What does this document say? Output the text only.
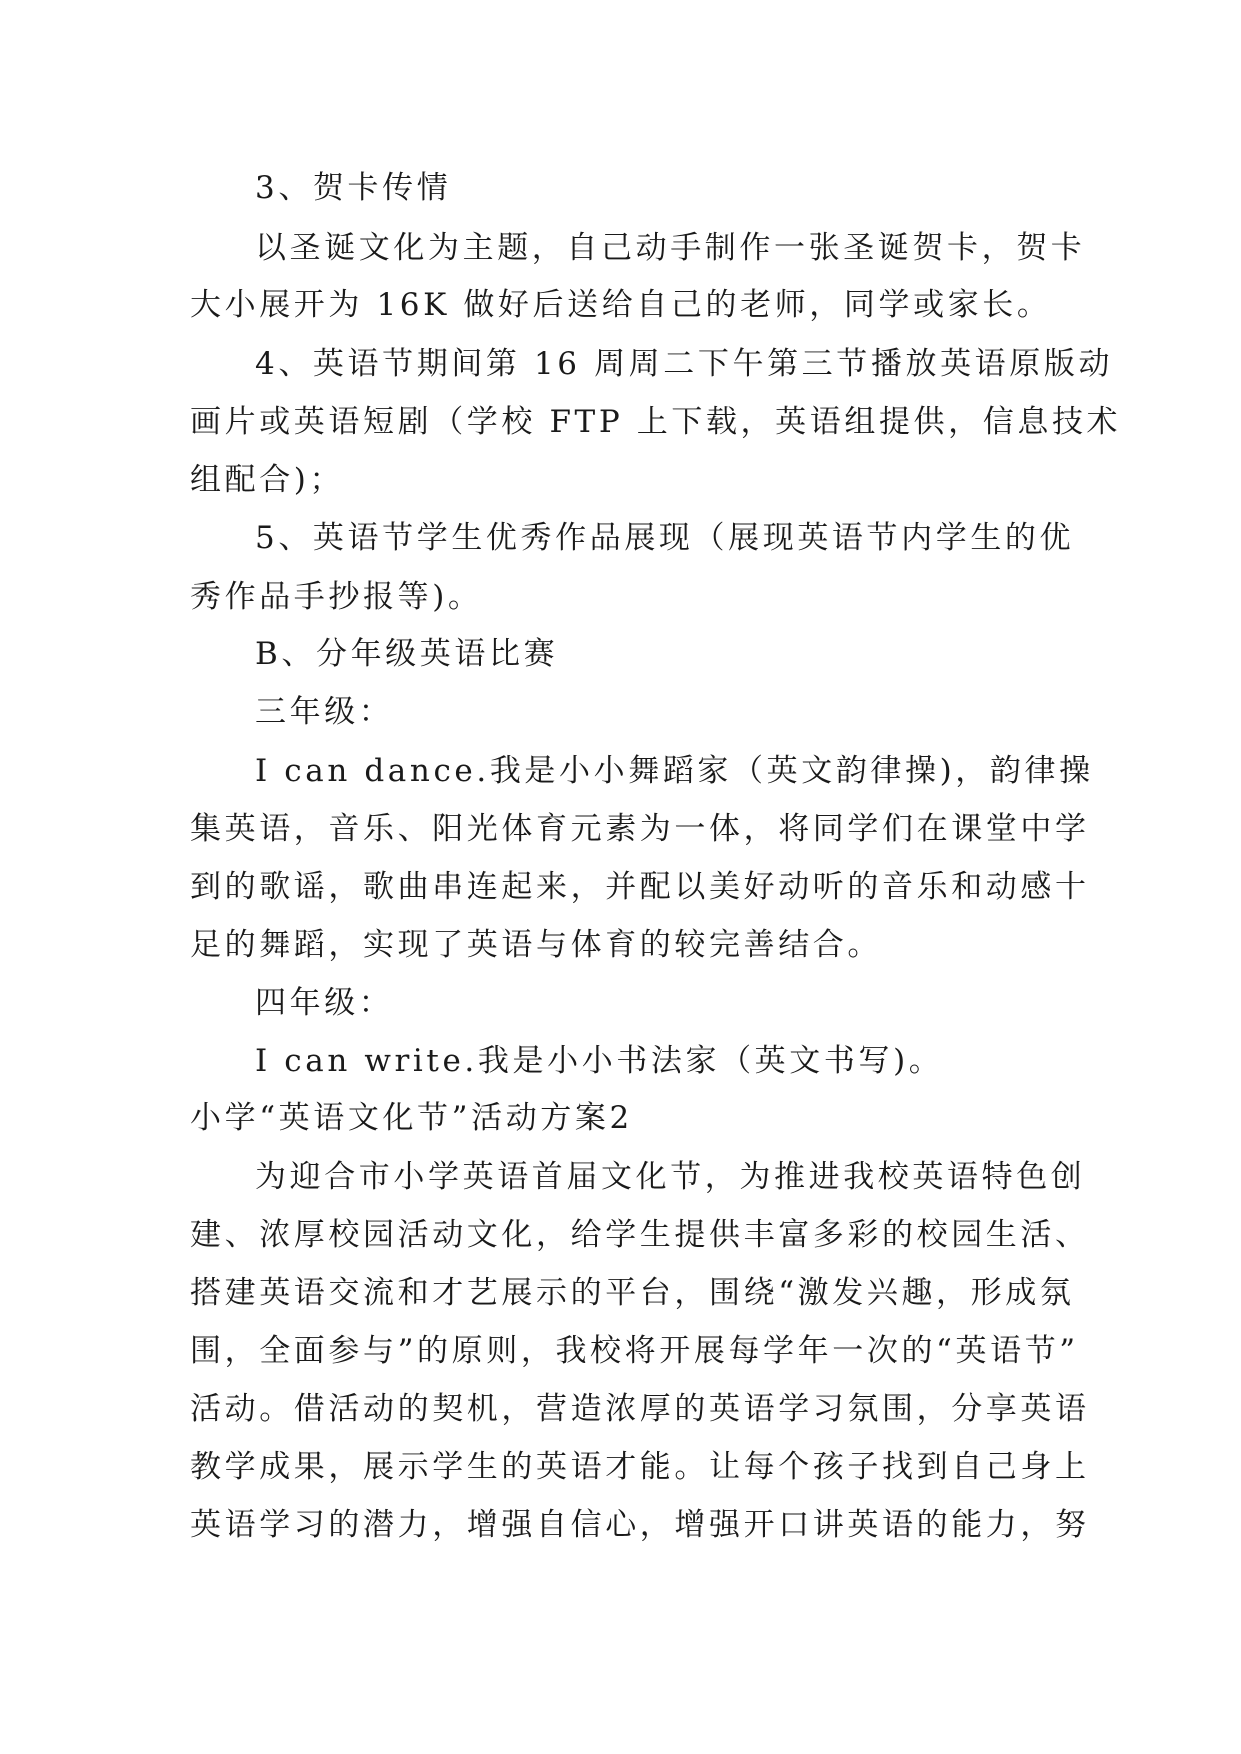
3、贺卡传情
以圣诞文化为主题，自己动手制作一张圣诞贺卡，贺卡
大小展开为 16K 做好后送给自己的老师，同学或家长。
4、英语节期间第 16 周周二下午第三节播放英语原版动
画片或英语短剧（学校 FTP 上下载，英语组提供，信息技术
组配合)；
5、英语节学生优秀作品展现（展现英语节内学生的优
秀作品手抄报等)。
B、分年级英语比赛
三年级：
I can dance.我是小小舞蹈家（英文韵律操)，韵律操
集英语，音乐、阳光体育元素为一体，将同学们在课堂中学
到的歌谣，歌曲串连起来，并配以美好动听的音乐和动感十
足的舞蹈，实现了英语与体育的较完善结合。
四年级：
I can write.我是小小书法家（英文书写)。
小学“英语文化节”活动方案2
为迎合市小学英语首届文化节，为推进我校英语特色创
建、浓厚校园活动文化，给学生提供丰富多彩的校园生活、
搭建英语交流和才艺展示的平台，围绕“激发兴趣，形成氛
围，全面参与”的原则，我校将开展每学年一次的“英语节”
活动。借活动的契机，营造浓厚的英语学习氛围，分享英语
教学成果，展示学生的英语才能。让每个孩子找到自己身上
英语学习的潜力，增强自信心，增强开口讲英语的能力，努
